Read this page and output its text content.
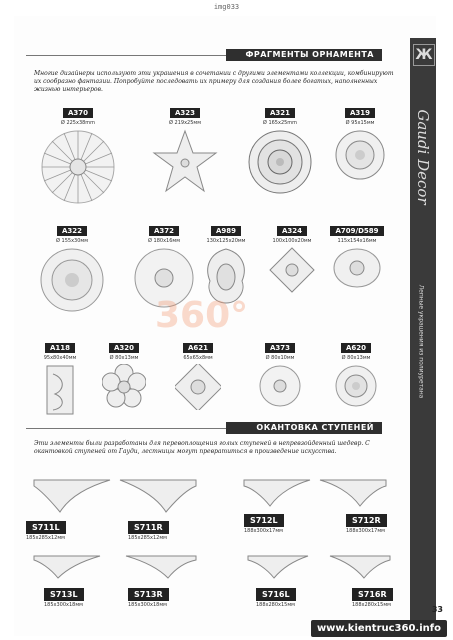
img033
Ж
Gaudi Decor
Лепные украшения из полиуретана
ФРАГМЕНТЫ ОРНАМЕНТА
Многие дизайнеры используют эти украшения в сочетании с другими элементами коллекции, комбинируют их сообразно фантазии. Попробуйте последовать их примеру для создания более богатых, наполненных жизнью интерьеров.
A370
Ø 225x38mm
A323
Ø 219x25мм
A321
Ø 165x25mm
A319
Ø 95x15мм
A322
Ø 155x30мм
A372
Ø 180x16мм
A989
130x125x20мм
A324
100x100x20мм
A709/D589
115x154x16мм
A118
95x80x40мм
A320
Ø 80x13мм
A621
65x65x8мм
A373
Ø 80x10мм
A620
Ø 80x13мм
360°
ОКАНТОВКА СТУПЕНЕЙ
Эти элементы были разработаны для перевоплощения голых ступеней в непревзойденный шедевр. С окантовкой ступеней от Гауди, лестницы могут превратиться в произведение искусства.
S711L
185x285x12мм
S711R
185x285x12мм
S712L
188x300x17мм
S712R
188x300x17мм
S713L
185x300x18мм
S713R
185x300x18мм
S716L
188x280x15мм
S716R
188x280x15мм	33
www.kientruc360.info
